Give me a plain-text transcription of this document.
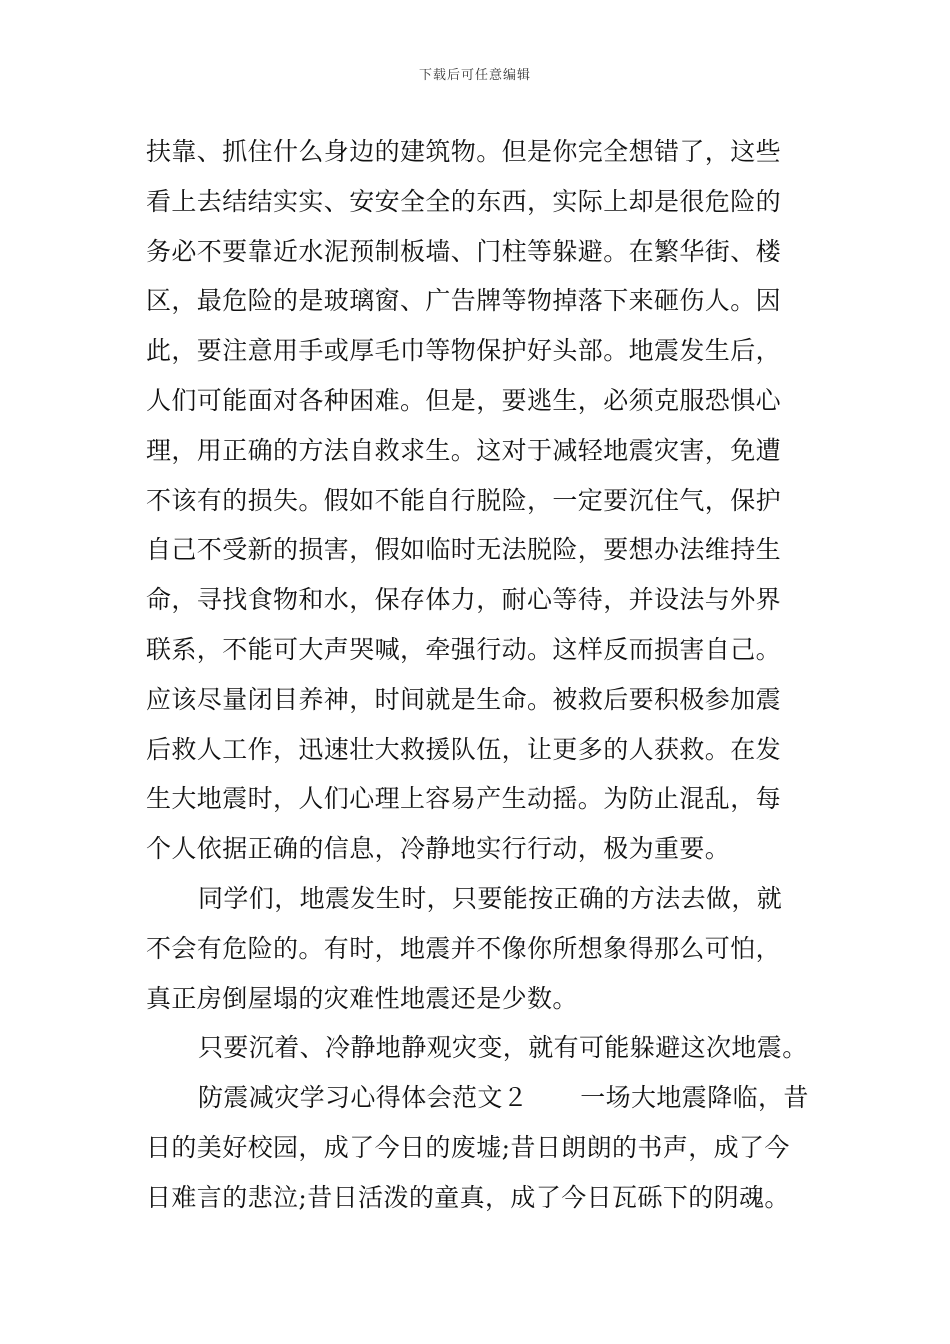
下载后可任意编辑
扶靠、抓住什么身边的建筑物。但是你完全想错了，这些
看上去结结实实、安安全全的东西，实际上却是很危险的
务必不要靠近水泥预制板墙、门柱等躲避。在繁华街、楼
区，最危险的是玻璃窗、广告牌等物掉落下来砸伤人。因
此，要注意用手或厚毛巾等物保护好头部。地震发生后，
人们可能面对各种困难。但是，要逃生，必须克服恐惧心
理，用正确的方法自救求生。这对于减轻地震灾害，免遭
不该有的损失。假如不能自行脱险，一定要沉住气，保护
自己不受新的损害，假如临时无法脱险，要想办法维持生
命，寻找食物和水，保存体力，耐心等待，并设法与外界
联系，不能可大声哭喊，牵强行动。这样反而损害自己。
应该尽量闭目养神，时间就是生命。被救后要积极参加震
后救人工作，迅速壮大救援队伍，让更多的人获救。在发
生大地震时，人们心理上容易产生动摇。为防止混乱，每
个人依据正确的信息，冷静地实行行动，极为重要。
同学们，地震发生时，只要能按正确的方法去做，就
不会有危险的。有时，地震并不像你所想象得那么可怕，
真正房倒屋塌的灾难性地震还是少数。
只要沉着、冷静地静观灾变，就有可能躲避这次地震。
防震减灾学习心得体会范文２ 一场大地震降临，昔
日的美好校园，成了今日的废墟;昔日朗朗的书声，成了今
日难言的悲泣;昔日活泼的童真，成了今日瓦砾下的阴魂。
